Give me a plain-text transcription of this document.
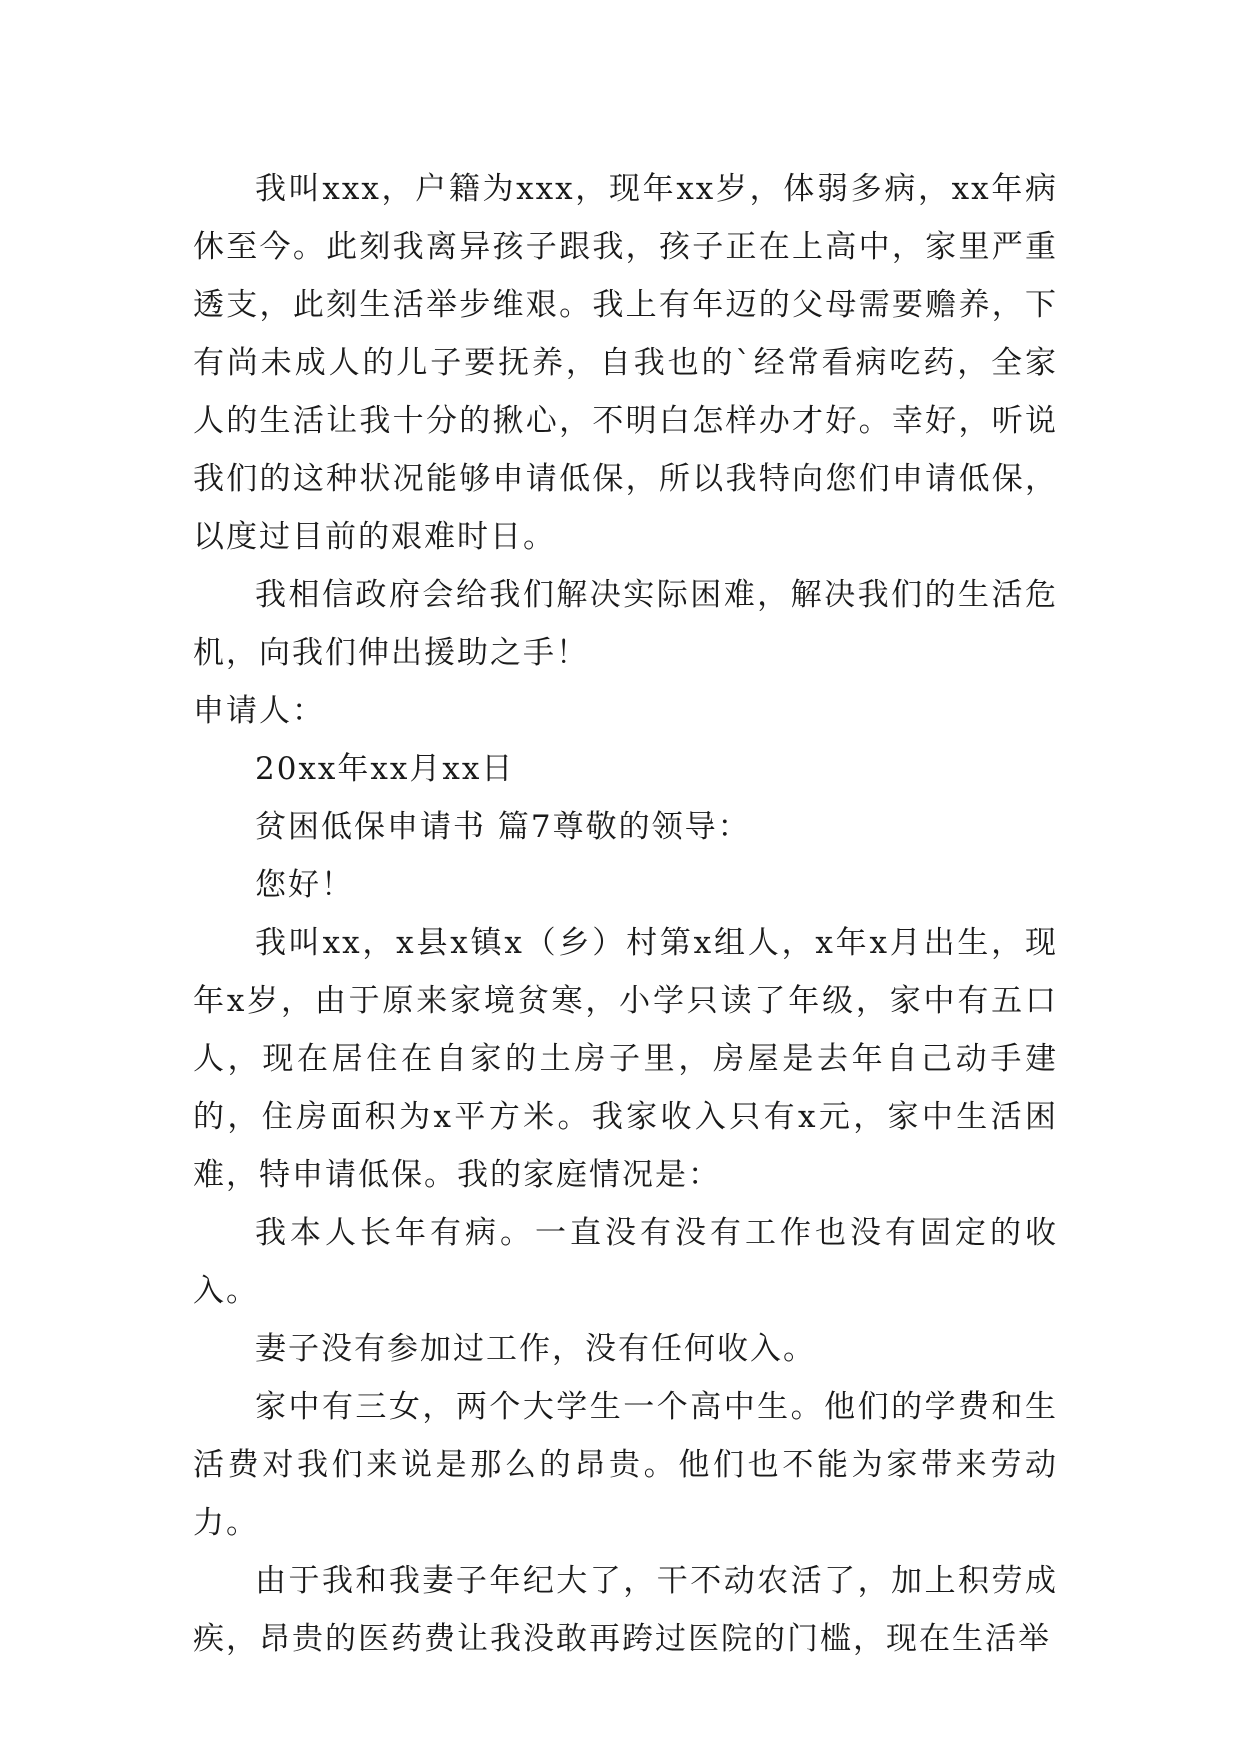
我叫xxx，户籍为xxx，现年xx岁，体弱多病，xx年病休至今。此刻我离异孩子跟我，孩子正在上高中，家里严重透支，此刻生活举步维艰。我上有年迈的父母需要赡养，下有尚未成人的儿子要抚养，自我也的`经常看病吃药，全家人的生活让我十分的揪心，不明白怎样办才好。幸好，听说我们的这种状况能够申请低保，所以我特向您们申请低保，以度过目前的艰难时日。

我相信政府会给我们解决实际困难，解决我们的生活危机，向我们伸出援助之手！

申请人：

20xx年xx月xx日

贫困低保申请书 篇7尊敬的领导：

您好！

我叫xx，x县x镇x（乡）村第x组人，x年x月出生，现年x岁，由于原来家境贫寒，小学只读了年级，家中有五口人，现在居住在自家的土房子里，房屋是去年自己动手建的，住房面积为x平方米。我家收入只有x元，家中生活困难，特申请低保。我的家庭情况是：

我本人长年有病。一直没有没有工作也没有固定的收入。

妻子没有参加过工作，没有任何收入。

家中有三女，两个大学生一个高中生。他们的学费和生活费对我们来说是那么的昂贵。他们也不能为家带来劳动力。

由于我和我妻子年纪大了，干不动农活了，加上积劳成疾，昂贵的医药费让我没敢再跨过医院的门槛，现在生活举
